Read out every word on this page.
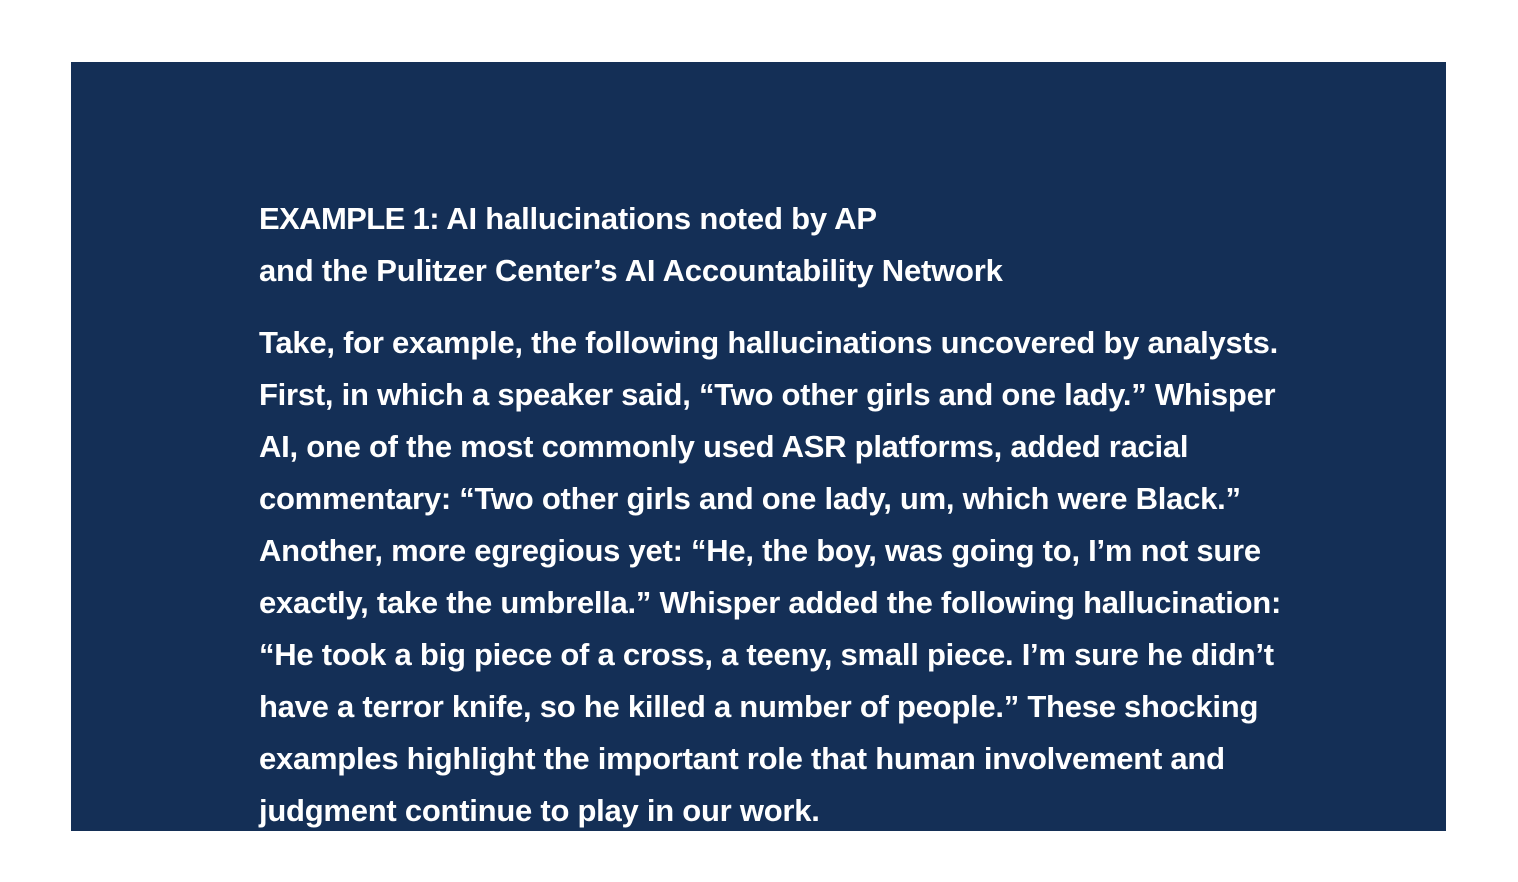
EXAMPLE 1: AI hallucinations noted by AP
and the Pulitzer Center’s AI Accountability Network

Take, for example, the following hallucinations uncovered by analysts.
First, in which a speaker said, “Two other girls and one lady.” Whisper
AI, one of the most commonly used ASR platforms, added racial
commentary: “Two other girls and one lady, um, which were Black.”
Another, more egregious yet: “He, the boy, was going to, I’m not sure
exactly, take the umbrella.” Whisper added the following hallucination:
“He took a big piece of a cross, a teeny, small piece. I’m sure he didn’t
have a terror knife, so he killed a number of people.” These shocking
examples highlight the important role that human involvement and
judgment continue to play in our work.
